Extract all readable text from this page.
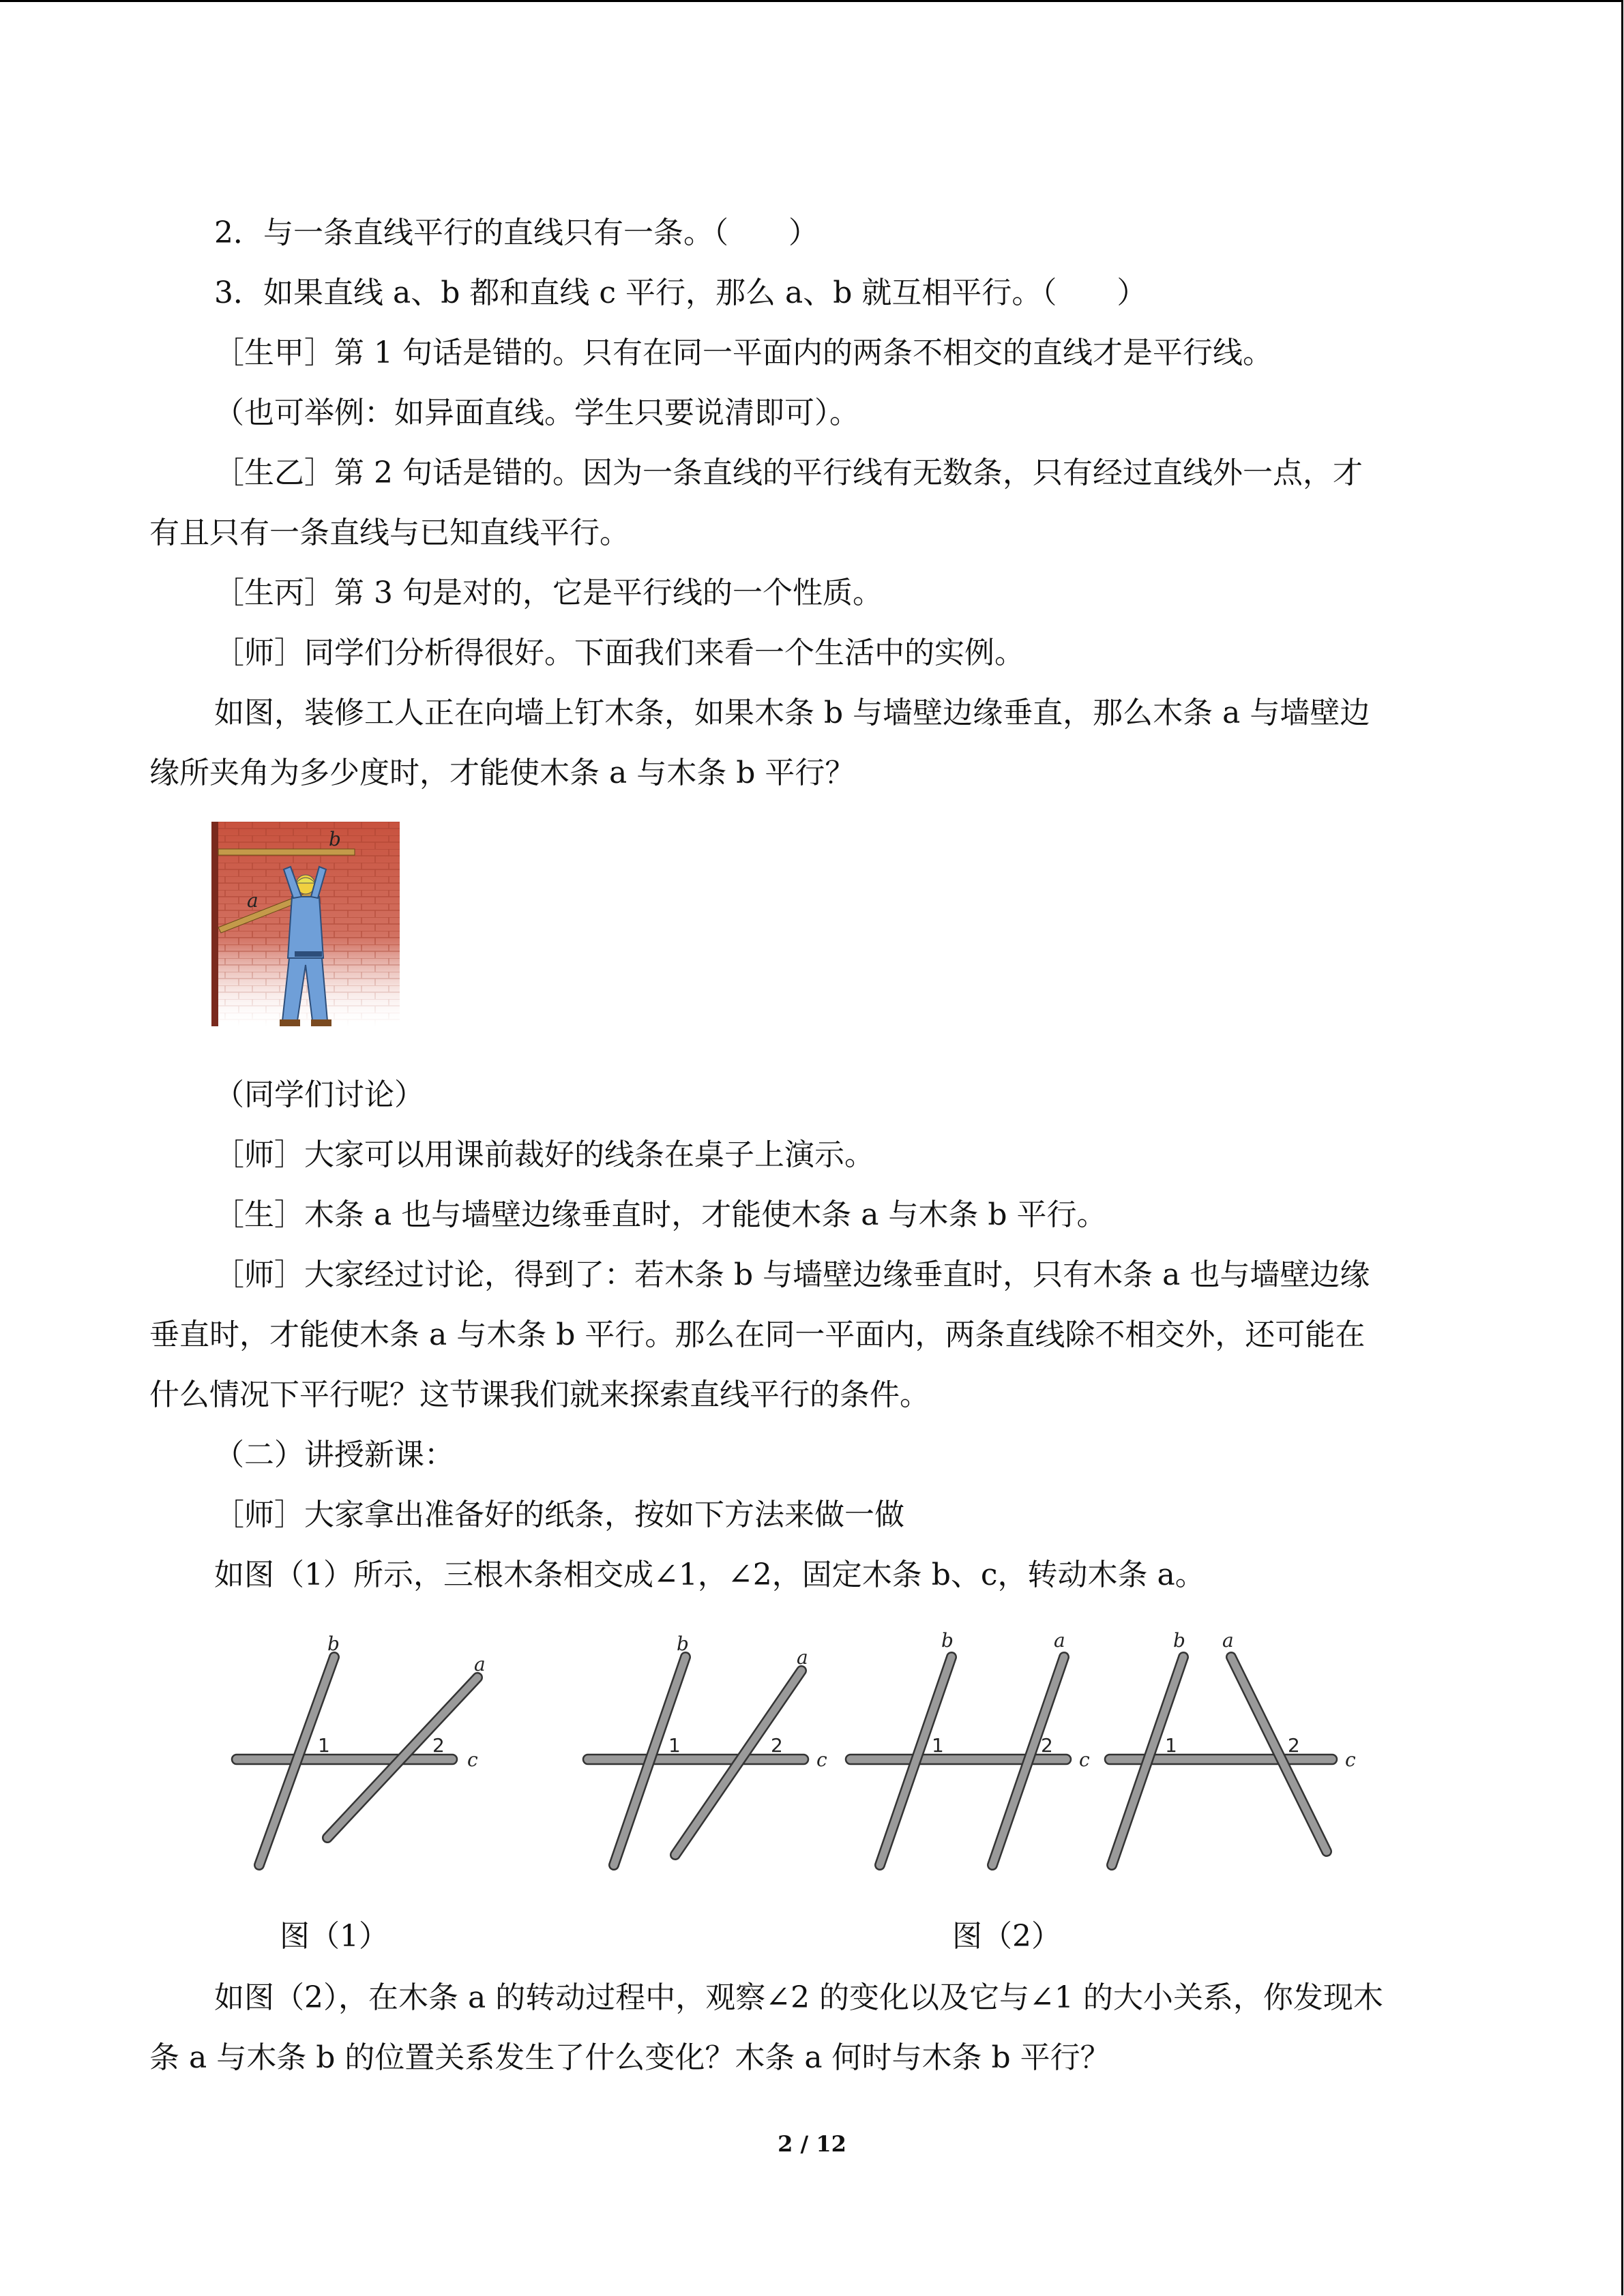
2．与一条直线平行的直线只有一条。（　　）

3．如果直线 a、b 都和直线 c 平行，那么 a、b 就互相平行。（　　）

［生甲］第 1 句话是错的。只有在同一平面内的两条不相交的直线才是平行线。

（也可举例：如异面直线。学生只要说清即可）。

［生乙］第 2 句话是错的。因为一条直线的平行线有无数条，只有经过直线外一点，才

有且只有一条直线与已知直线平行。

［生丙］第 3 句是对的，它是平行线的一个性质。

［师］同学们分析得很好。下面我们来看一个生活中的实例。

如图，装修工人正在向墙上钉木条，如果木条 b 与墙壁边缘垂直，那么木条 a 与墙壁边

缘所夹角为多少度时，才能使木条 a 与木条 b 平行？

b
a

（同学们讨论）

［师］大家可以用课前裁好的线条在桌子上演示。

［生］木条 a 也与墙壁边缘垂直时，才能使木条 a 与木条 b 平行。

［师］大家经过讨论，得到了：若木条 b 与墙壁边缘垂直时，只有木条 a 也与墙壁边缘

垂直时，才能使木条 a 与木条 b 平行。那么在同一平面内，两条直线除不相交外，还可能在

什么情况下平行呢？这节课我们就来探索直线平行的条件。

（二）讲授新课：

［师］大家拿出准备好的纸条，按如下方法来做一做

如图（1）所示，三根木条相交成∠1，∠2，固定木条 b、c，转动木条 a。

b
a
c
1	2
b
a
c
1	2
b	a
c
1	2
b a
c
1	2
图（1）	图（2）

如图（2），在木条 a 的转动过程中，观察∠2 的变化以及它与∠1 的大小关系，你发现木

条 a 与木条 b 的位置关系发生了什么变化？木条 a 何时与木条 b 平行？

2 / 12
